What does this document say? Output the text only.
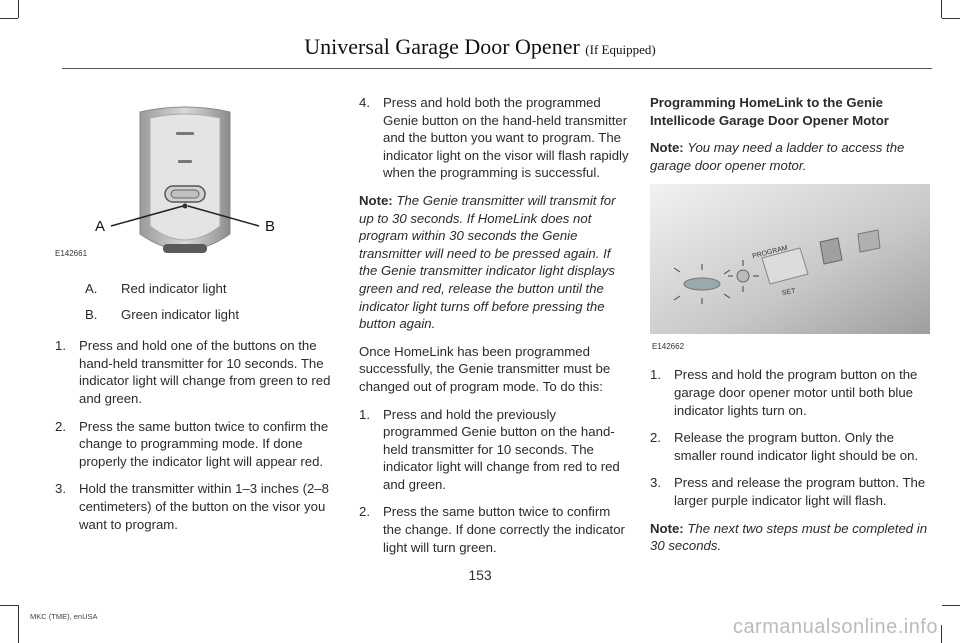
Universal Garage Door Opener (If Equipped)
A	B
E142661
A. Red indicator light
B. Green indicator light
1. Press and hold one of the buttons on the hand-held transmitter for 10 seconds. The indicator light will change from green to red and green.
2. Press the same button twice to confirm the change to programming mode. If done properly the indicator light will appear red.
3. Hold the transmitter within 1–3 inches (2–8 centimeters) of the button on the visor you want to program.
4. Press and hold both the programmed Genie button on the hand-held transmitter and the button you want to program. The indicator light on the visor will flash rapidly when the programming is successful.

Note: The Genie transmitter will transmit for up to 30 seconds. If HomeLink does not program within 30 seconds the Genie transmitter will need to be pressed again. If the Genie transmitter indicator light displays green and red, release the button until the indicator light turns off before pressing the button again.

Once HomeLink has been programmed successfully, the Genie transmitter must be changed out of program mode. To do this:

1. Press and hold the previously programmed Genie button on the hand-held transmitter for 10 seconds. The indicator light will change from red to red and green.
2. Press the same button twice to confirm the change. If done correctly the indicator light will turn green.
Programming HomeLink to the Genie Intellicode Garage Door Opener Motor

Note: You may need a ladder to access the garage door opener motor.

PROGRAM
SET
E142662
1. Press and hold the program button on the garage door opener motor until both blue indicator lights turn on.
2. Release the program button. Only the smaller round indicator light should be on.
3. Press and release the program button. The larger purple indicator light will flash.

Note: The next two steps must be completed in 30 seconds.

153
MKC (TME), enUSA	carmanualsonline.info
